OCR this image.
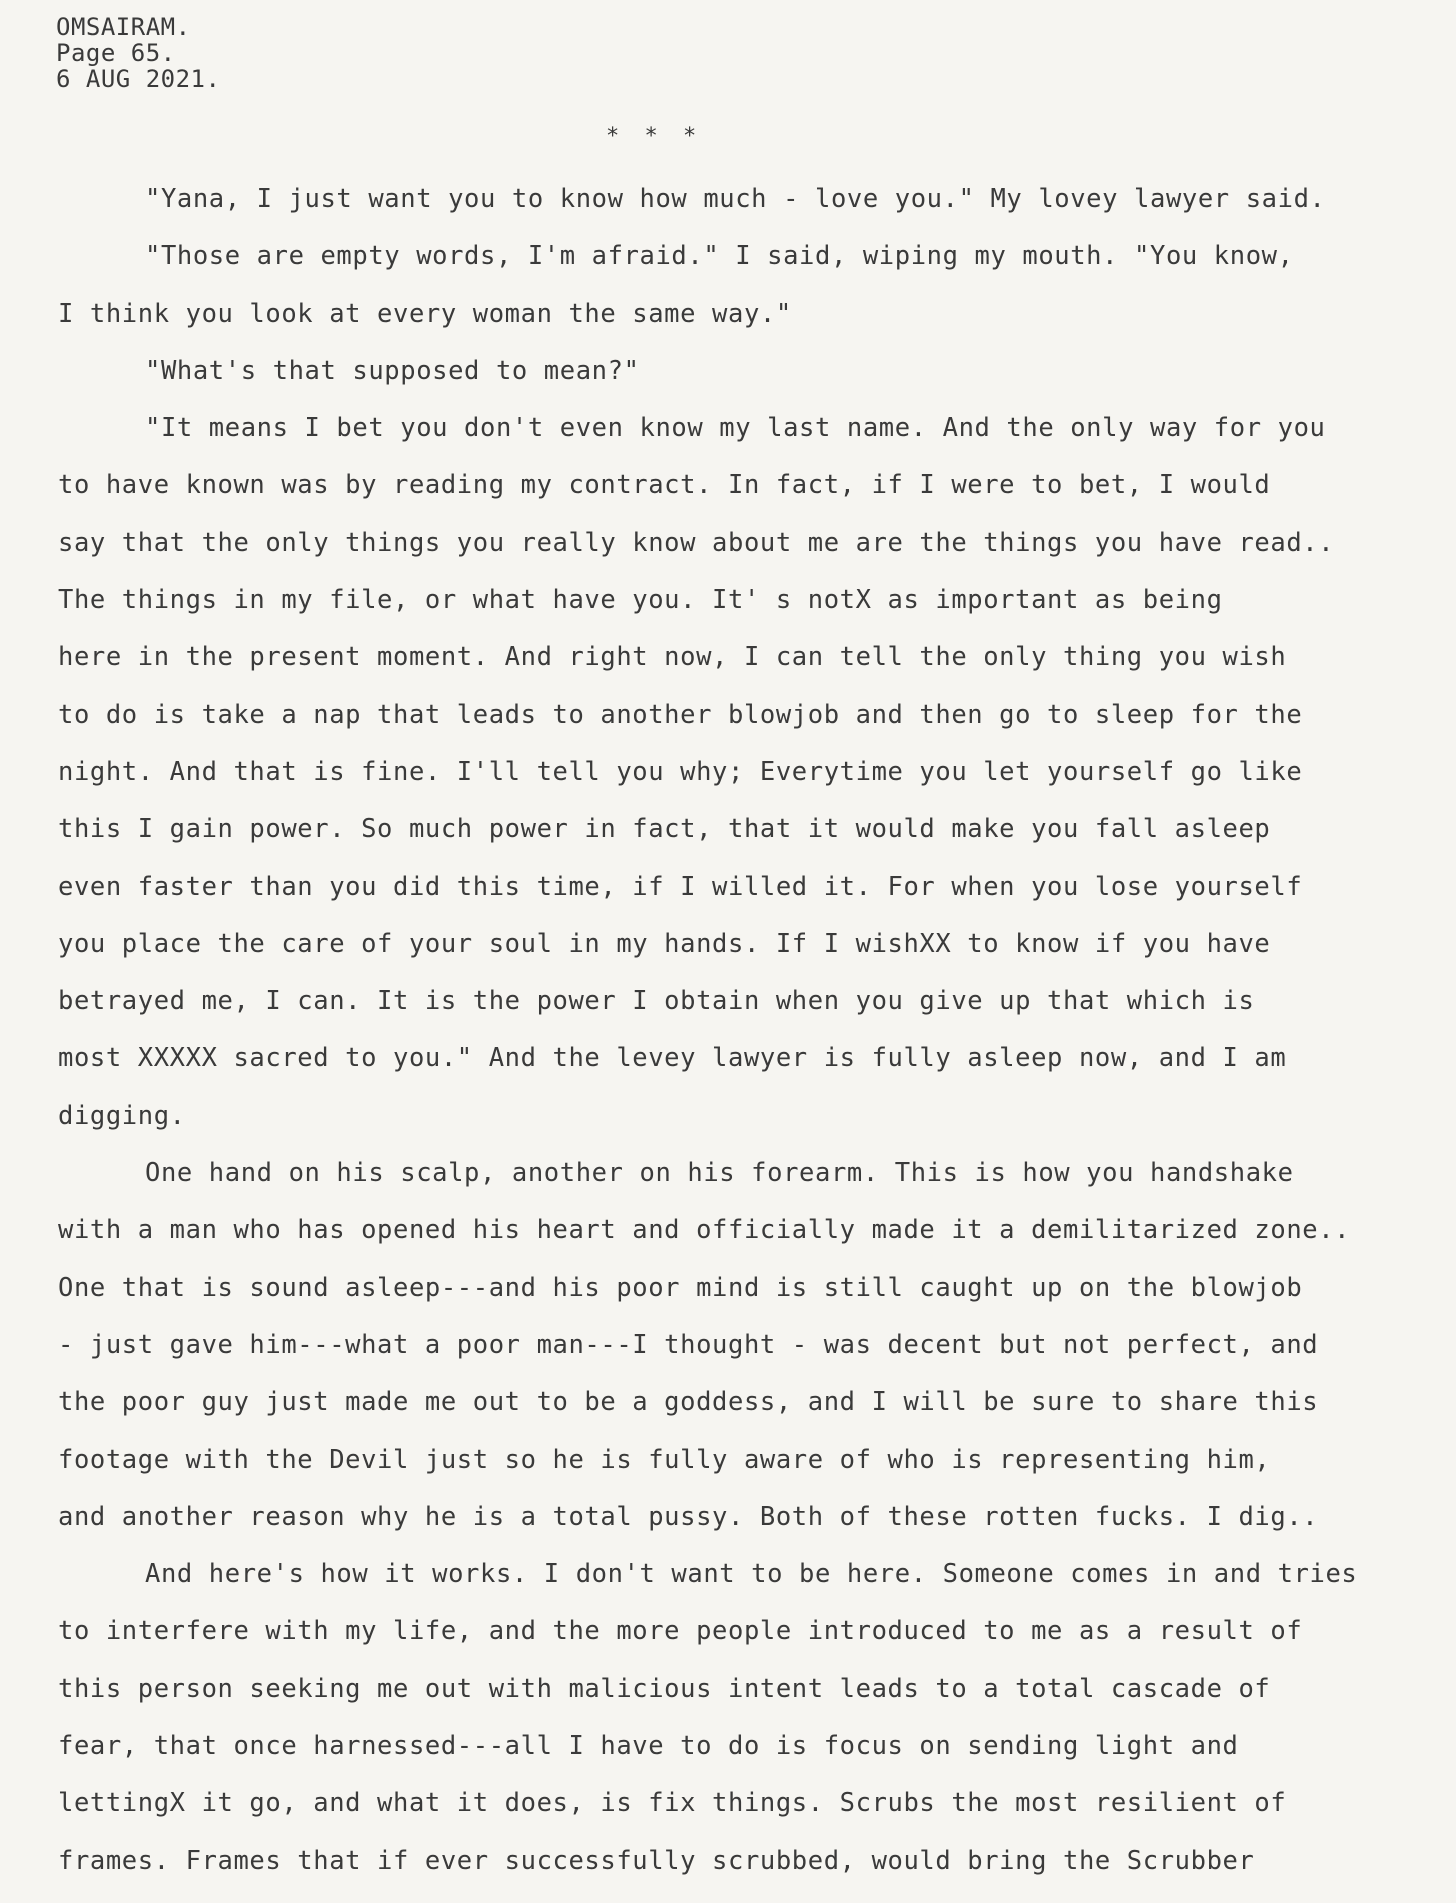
OMSAIRAM.
Page 65.
6 AUG 2021.
* * *
"Yana, I just want you to know how much ‑ love you." My lovey lawyer said.
"Those are empty words, I'm afraid." I said, wiping my mouth. "You know,
I think you look at every woman the same way."
"What's that supposed to mean?"
"It means I bet you don't even know my last name. And the only way for you
to have known was by reading my contract. In fact, if I were to bet, I would
say that the only things you really know about me are the things you have read..
The things in my file, or what have you. It' s notX as important as being
here in the present moment. And right now, I can tell the only thing you wish
to do is take a nap that leads to another blowjob and then go to sleep for the
night. And that is fine. I'll tell you why; Everytime you let yourself go like
this I gain power. So much power in fact, that it would make you fall asleep
even faster than you did this time, if I willed it. For when you lose yourself
you place the care of your soul in my hands. If I wishXX to know if you have
betrayed me, I can. It is the power I obtain when you give up that which is
most XXXXX sacred to you." And the levey lawyer is fully asleep now, and I am
digging.
One hand on his scalp, another on his forearm. This is how you handshake
with a man who has opened his heart and officially made it a demilitarized zone..
One that is sound asleep---and his poor mind is still caught up on the blowjob
‑ just gave him---what a poor man---I thought ‑ was decent but not perfect, and
the poor guy just made me out to be a goddess, and I will be sure to share this
footage with the Devil just so he is fully aware of who is representing him,
and another reason why he is a total pussy. Both of these rotten fucks. I dig..
And here's how it works. I don't want to be here. Someone comes in and tries
to interfere with my life, and the more people introduced to me as a result of
this person seeking me out with malicious intent leads to a total cascade of
fear, that once harnessed---all I have to do is focus on sending light and
lettingX it go, and what it does, is fix things. Scrubs the most resilient of
frames. Frames that if ever successfully scrubbed, would bring the Scrubber
